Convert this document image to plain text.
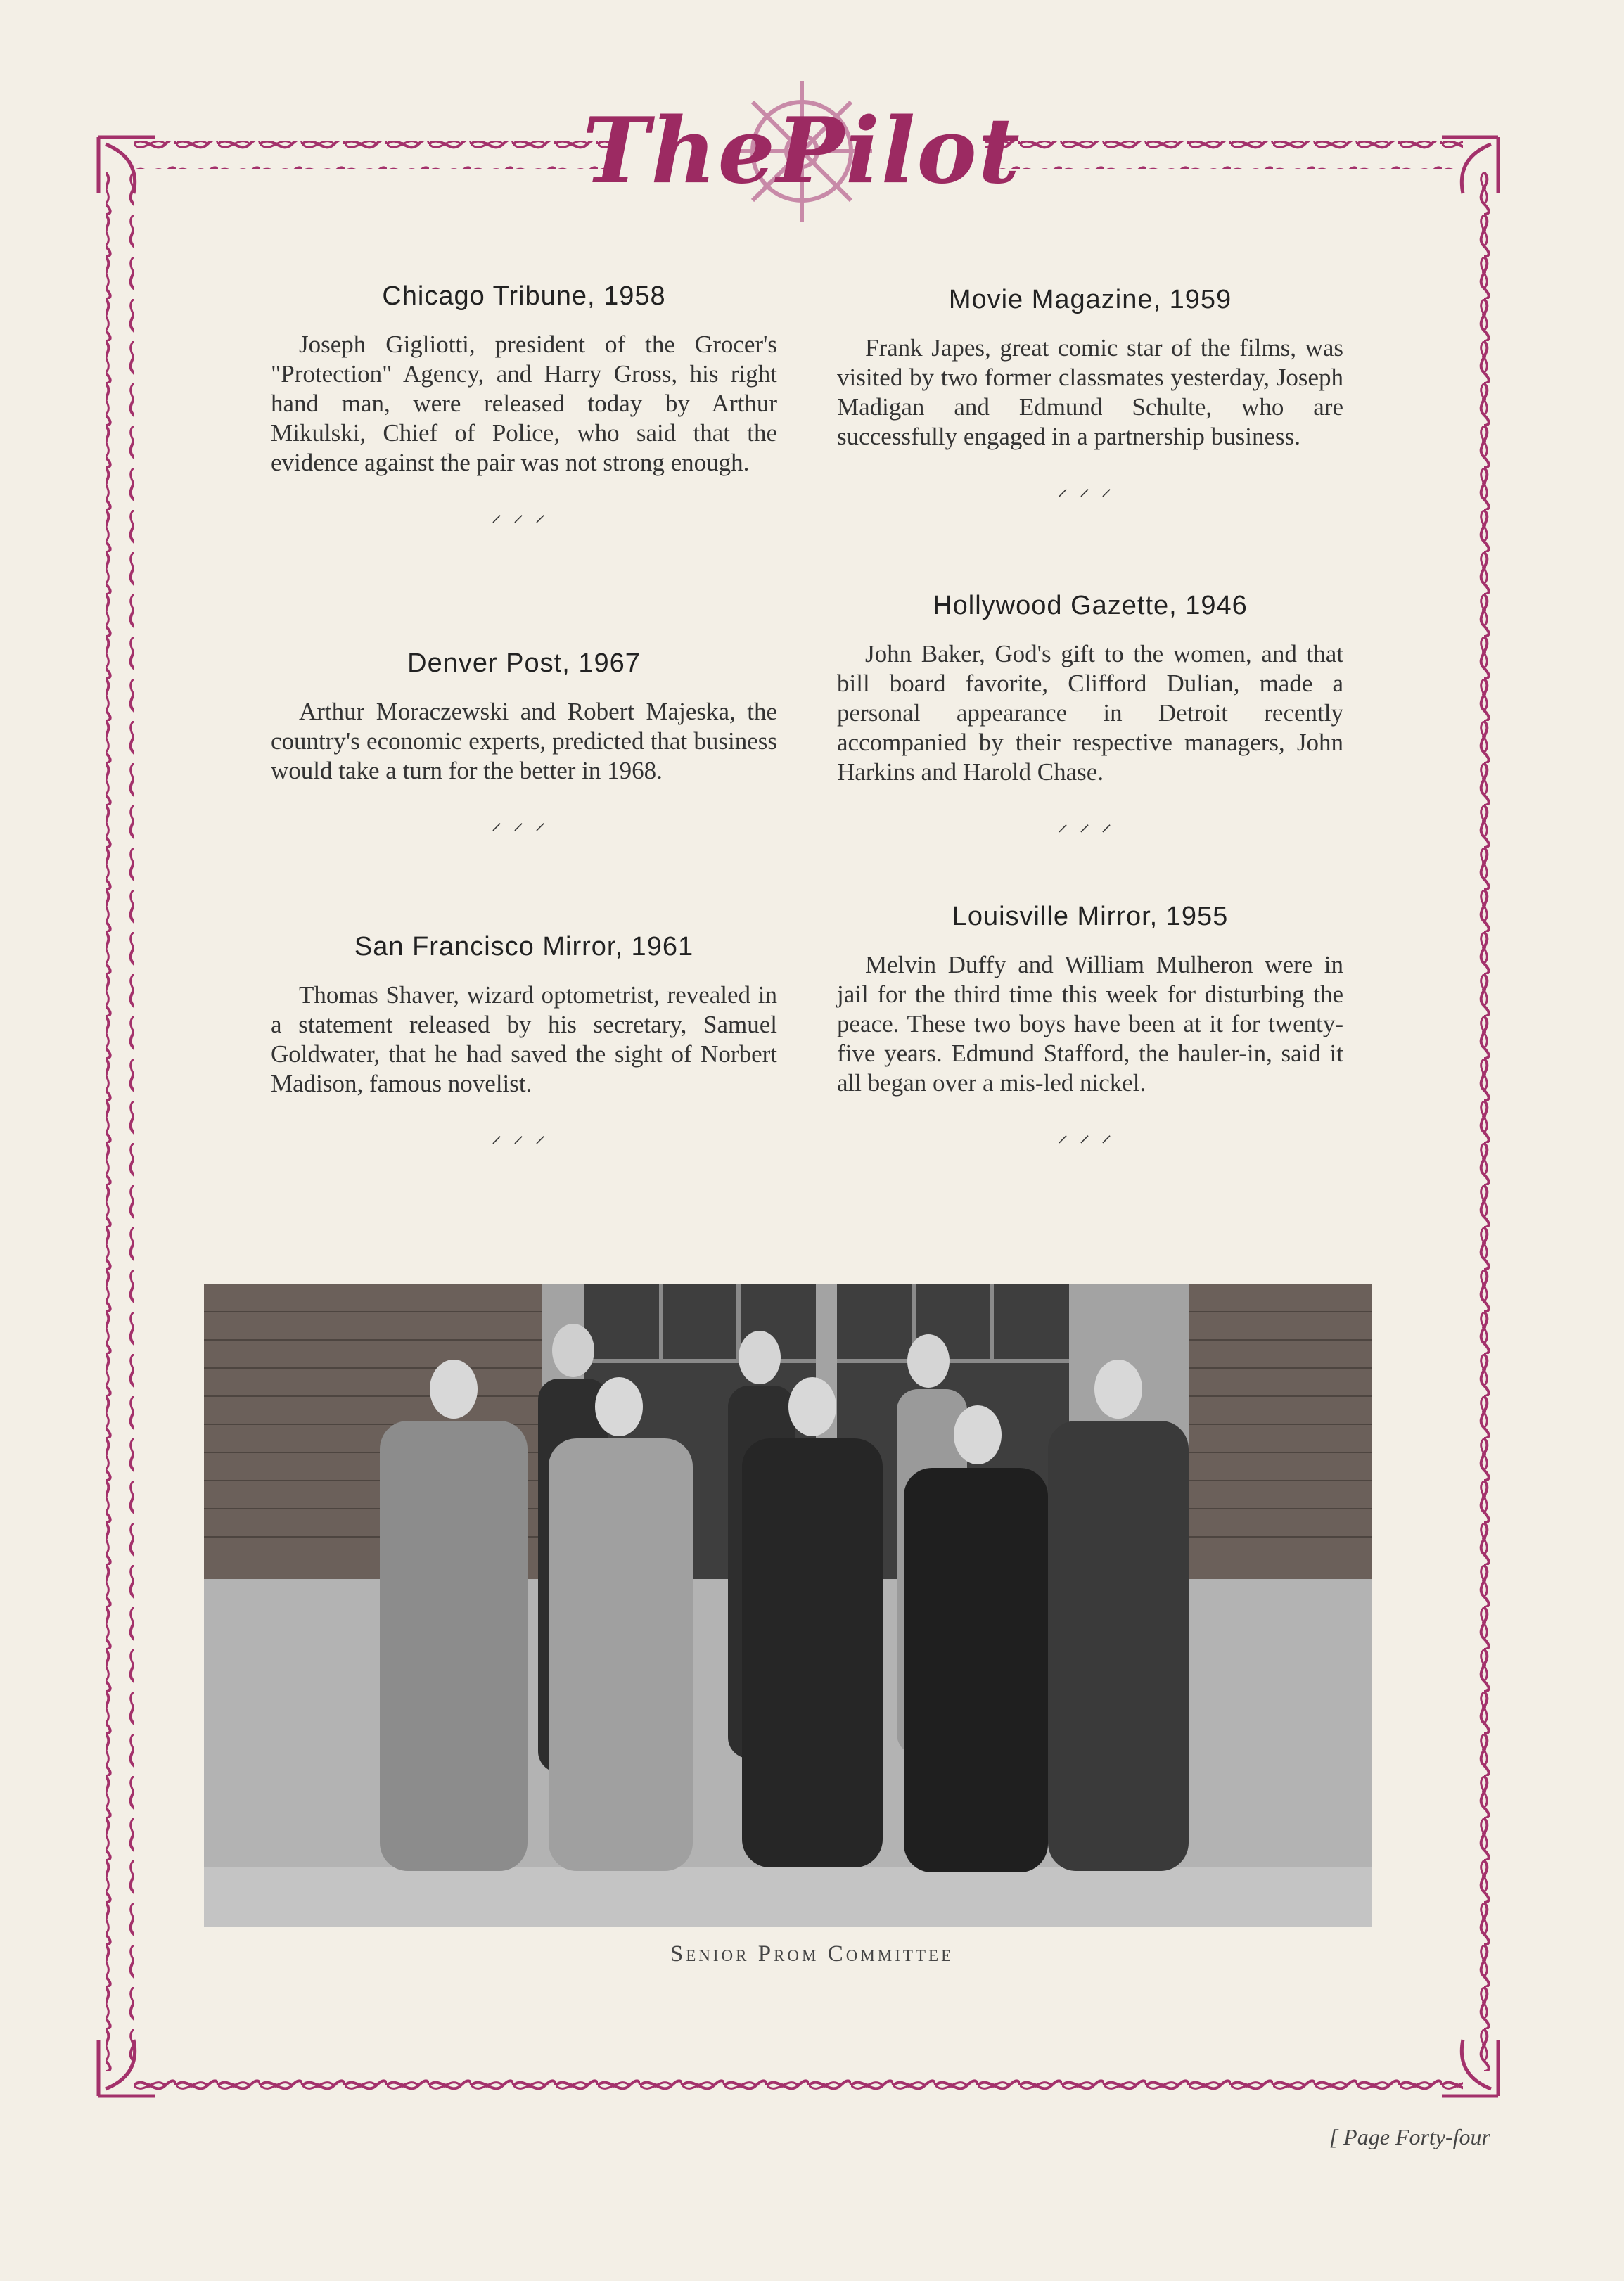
ThePilot

Chicago Tribune, 1958

Joseph Gigliotti, president of the Grocer's "Protection" Agency, and Harry Gross, his right hand man, were released today by Arthur Mikulski, Chief of Police, who said that the evidence against the pair was not strong enough.

⸝⸝⸝

Denver Post, 1967

Arthur Moraczewski and Robert Majeska, the country's economic experts, predicted that business would take a turn for the better in 1968.

⸝⸝⸝

San Francisco Mirror, 1961

Thomas Shaver, wizard optometrist, revealed in a statement released by his secretary, Samuel Goldwater, that he had saved the sight of Norbert Madison, famous novelist.

⸝⸝⸝

Movie Magazine, 1959

Frank Japes, great comic star of the films, was visited by two former classmates yesterday, Joseph Madigan and Edmund Schulte, who are successfully engaged in a partnership business.

⸝⸝⸝

Hollywood Gazette, 1946

John Baker, God's gift to the women, and that bill board favorite, Clifford Dulian, made a personal appearance in Detroit recently accompanied by their respective managers, John Harkins and Harold Chase.

⸝⸝⸝

Louisville Mirror, 1955

Melvin Duffy and William Mulheron were in jail for the third time this week for disturbing the peace. These two boys have been at it for twenty-five years. Edmund Stafford, the hauler-in, said it all began over a mis-led nickel.

⸝⸝⸝
Senior Prom Committee
[ Page Forty-four
